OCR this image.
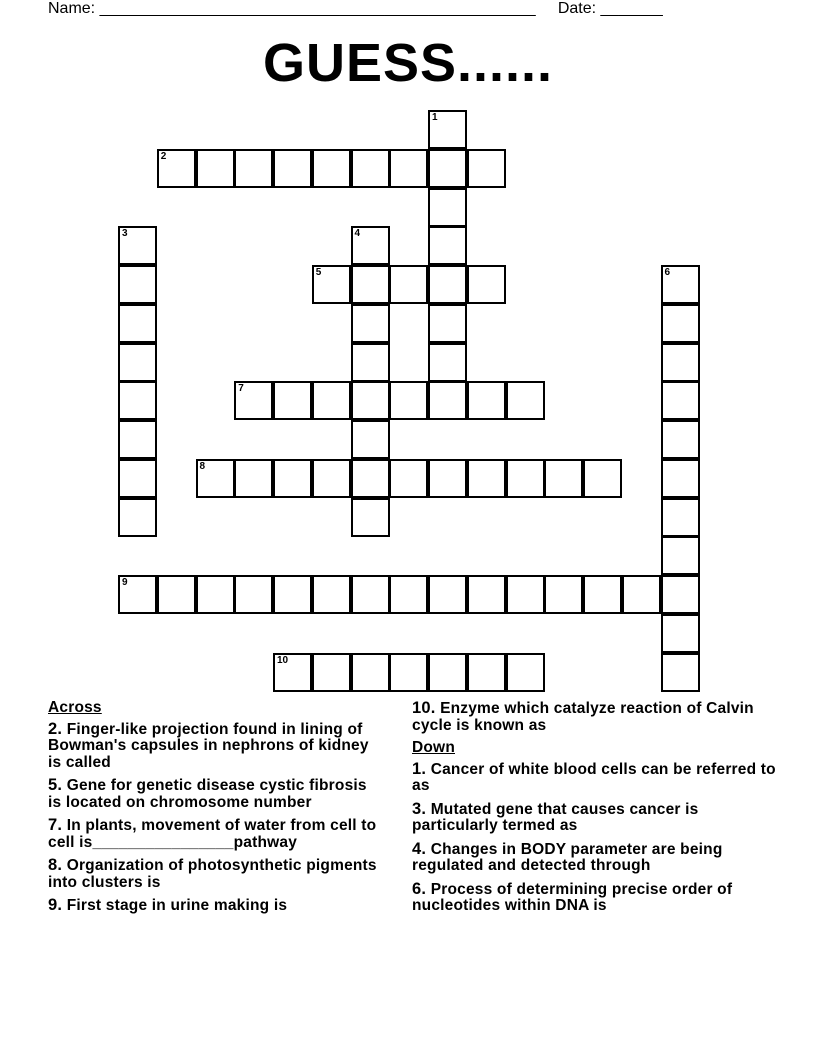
Name: _________________________________________________ Date: _______
GUESS......
1
2
3	4
5	6
7
8
9
10
Across
2. Finger-like projection found in lining of Bowman's capsules in nephrons of kidney is called
5. Gene for genetic disease cystic fibrosis is located on chromosome number
7. In plants, movement of water from cell to cell is________________pathway
8. Organization of photosynthetic pigments into clusters is
9. First stage in urine making is
10. Enzyme which catalyze reaction of Calvin cycle is known as
Down
1. Cancer of white blood cells can be referred to as
3. Mutated gene that causes cancer is particularly termed as
4. Changes in BODY parameter are being regulated and detected through
6. Process of determining precise order of nucleotides within DNA is
